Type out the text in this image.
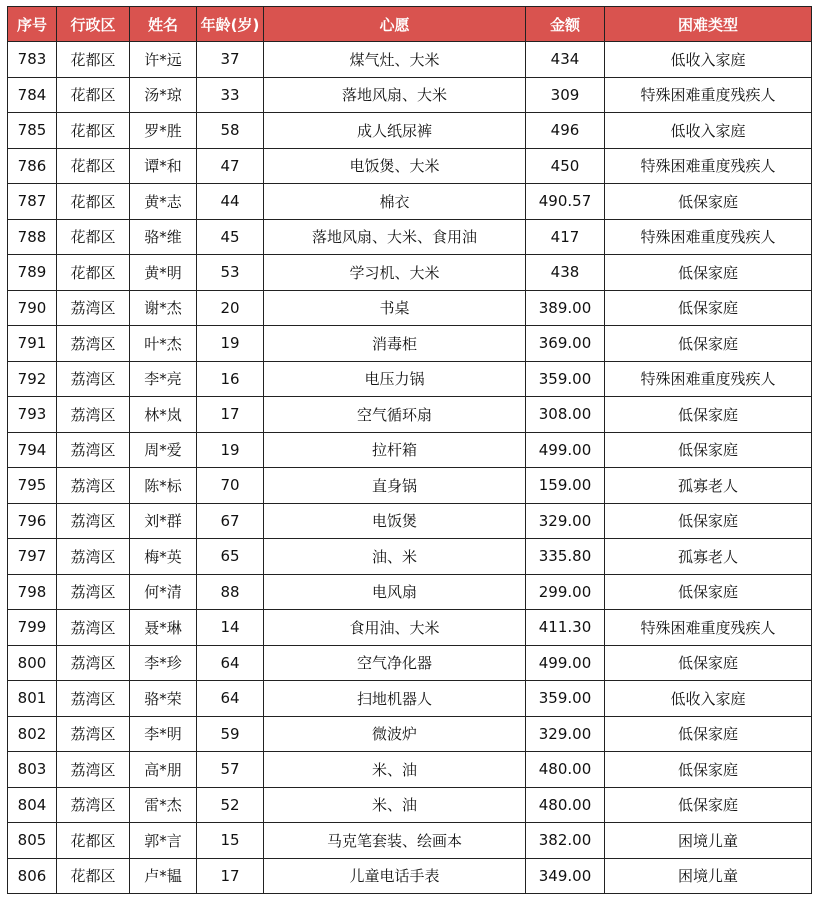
序号	行政区	姓名	年龄(岁)	心愿	金额	困难类型
783	花都区	许*远	37	煤气灶、大米	434	低收入家庭
784	花都区	汤*琼	33	落地风扇、大米	309	特殊困难重度残疾人
785	花都区	罗*胜	58	成人纸尿裤	496	低收入家庭
786	花都区	谭*和	47	电饭煲、大米	450	特殊困难重度残疾人
787	花都区	黄*志	44	棉衣	490.57	低保家庭
788	花都区	骆*维	45	落地风扇、大米、食用油	417	特殊困难重度残疾人
789	花都区	黄*明	53	学习机、大米	438	低保家庭
790	荔湾区	谢*杰	20	书桌	389.00	低保家庭
791	荔湾区	叶*杰	19	消毒柜	369.00	低保家庭
792	荔湾区	李*亮	16	电压力锅	359.00	特殊困难重度残疾人
793	荔湾区	林*岚	17	空气循环扇	308.00	低保家庭
794	荔湾区	周*爱	19	拉杆箱	499.00	低保家庭
795	荔湾区	陈*标	70	直身锅	159.00	孤寡老人
796	荔湾区	刘*群	67	电饭煲	329.00	低保家庭
797	荔湾区	梅*英	65	油、米	335.80	孤寡老人
798	荔湾区	何*清	88	电风扇	299.00	低保家庭
799	荔湾区	聂*琳	14	食用油、大米	411.30	特殊困难重度残疾人
800	荔湾区	李*珍	64	空气净化器	499.00	低保家庭
801	荔湾区	骆*荣	64	扫地机器人	359.00	低收入家庭
802	荔湾区	李*明	59	微波炉	329.00	低保家庭
803	荔湾区	高*朋	57	米、油	480.00	低保家庭
804	荔湾区	雷*杰	52	米、油	480.00	低保家庭
805	花都区	郭*言	15	马克笔套装、绘画本	382.00	困境儿童
806	花都区	卢*韫	17	儿童电话手表	349.00	困境儿童
